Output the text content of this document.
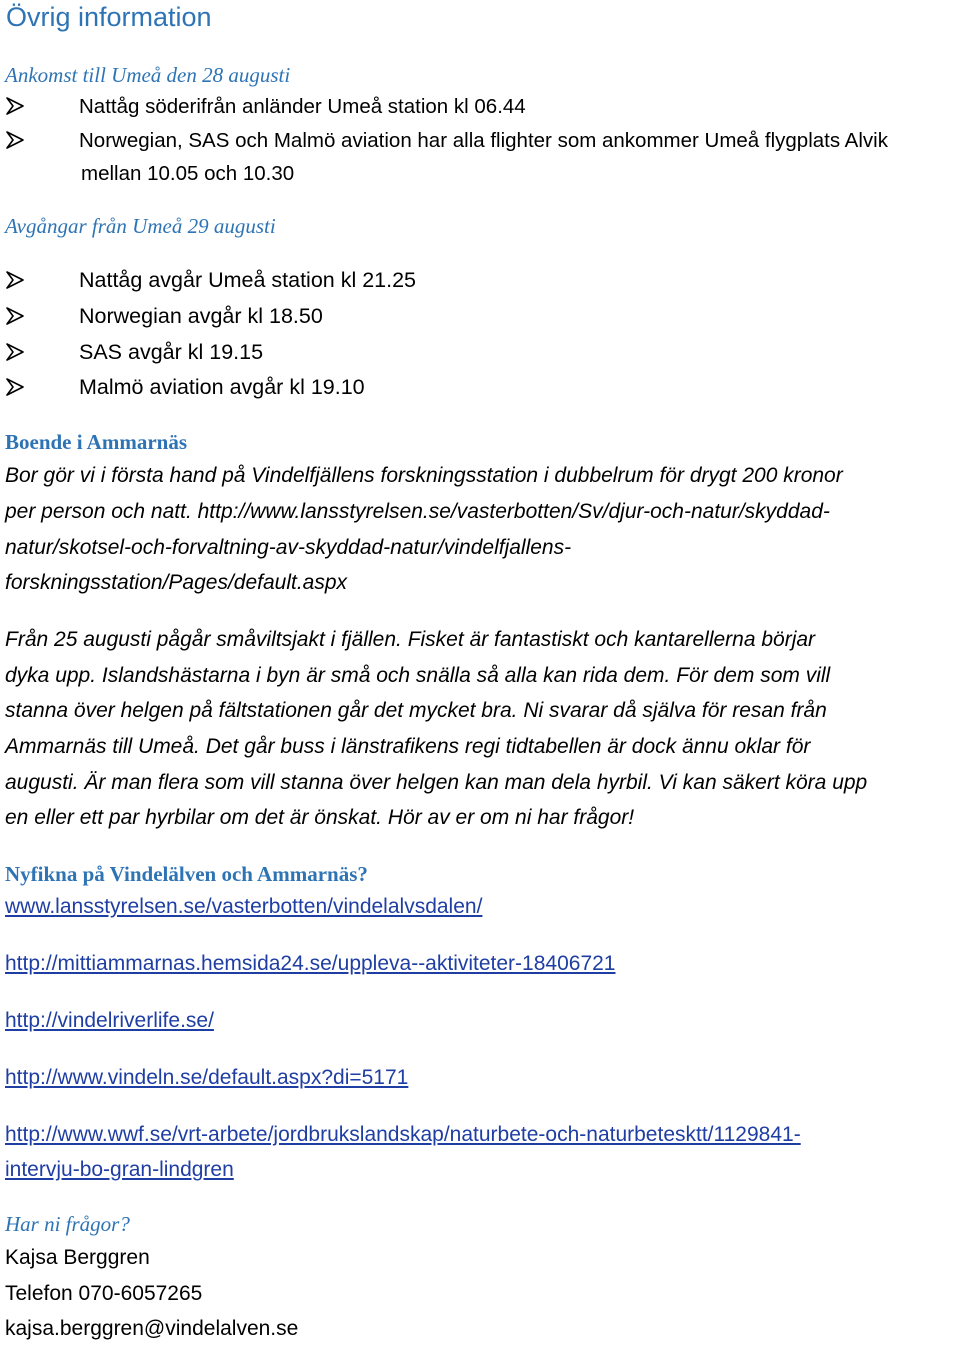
Övrig information
Ankomst till Umeå den 28 augusti
Nattåg söderifrån anländer Umeå station kl 06.44
Norwegian, SAS och Malmö aviation har alla flighter som ankommer Umeå flygplats Alvik
mellan 10.05 och 10.30
Avgångar från Umeå 29 augusti
Nattåg avgår Umeå station kl 21.25
Norwegian avgår kl 18.50
SAS avgår kl 19.15
Malmö aviation avgår kl 19.10
Boende i Ammarnäs
Bor gör vi i första hand på Vindelfjällens forskningsstation i dubbelrum för drygt 200 kronor
per person och natt. http://www.lansstyrelsen.se/vasterbotten/Sv/djur-och-natur/skyddad-
natur/skotsel-och-forvaltning-av-skyddad-natur/vindelfjallens-
forskningsstation/Pages/default.aspx
Från 25 augusti pågår småviltsjakt i fjällen. Fisket är fantastiskt och kantarellerna börjar
dyka upp. Islandshästarna i byn är små och snälla så alla kan rida dem. För dem som vill
stanna över helgen på fältstationen går det mycket bra. Ni svarar då själva för resan från
Ammarnäs till Umeå. Det går buss i länstrafikens regi tidtabellen är dock ännu oklar för
augusti. Är man flera som vill stanna över helgen kan man dela hyrbil. Vi kan säkert köra upp
en eller ett par hyrbilar om det är önskat. Hör av er om ni har frågor!
Nyfikna på Vindelälven och Ammarnäs?
www.lansstyrelsen.se/vasterbotten/vindelalvsdalen/
http://mittiammarnas.hemsida24.se/uppleva--aktiviteter-18406721
http://vindelriverlife.se/
http://www.vindeln.se/default.aspx?di=5171
http://www.wwf.se/vrt-arbete/jordbrukslandskap/naturbete-och-naturbetesktt/1129841-
intervju-bo-gran-lindgren
Har ni frågor?
Kajsa Berggren
Telefon 070-6057265
kajsa.berggren@vindelalven.se
